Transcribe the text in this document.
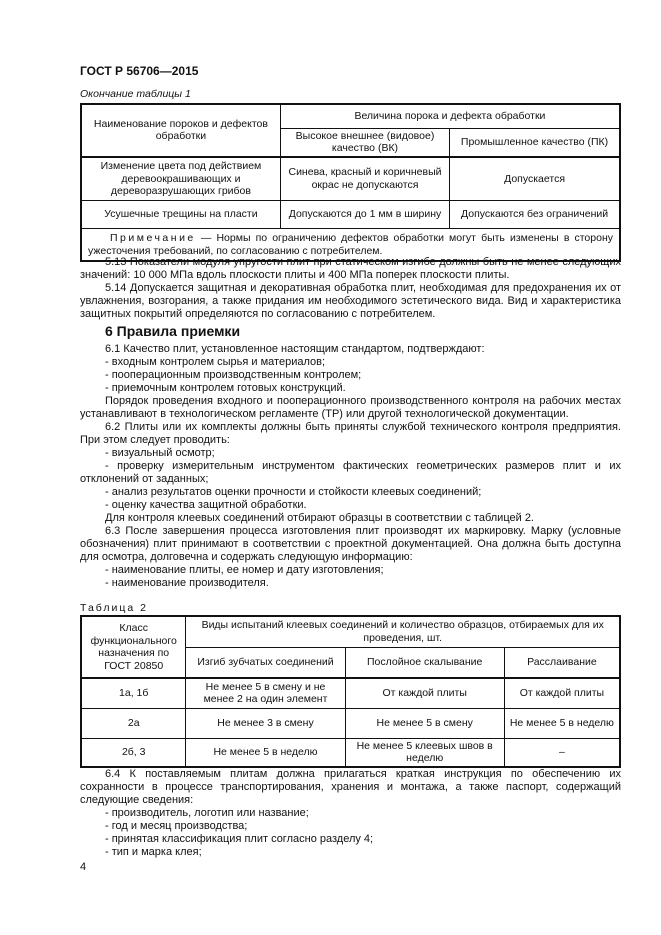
ГОСТ Р 56706—2015
Окончание таблицы 1
Наименование пороков и дефектов обработки	Величина порока и дефекта обработки	
	Высокое внешнее (видовое) качество (ВК)	Промышленное качество (ПК)
Изменение цвета под действием деревоокрашивающих и дереворазрушающих грибов	Синева, красный и коричневый окрас не допускаются	Допускается
Усушечные трещины на пласти	Допускаются до 1 мм в ширину	Допускаются без ограничений
Примечание — Нормы по ограничению дефектов обработки могут быть изменены в сторону ужесточения требований, по согласованию с потребителем.		

5.13 Показатели модуля упругости плит при статическом изгибе должны быть не менее следующих значений: 10 000 МПа вдоль плоскости плиты и 400 МПа поперек плоскости плиты.

5.14 Допускается защитная и декоративная обработка плит, необходимая для предохранения их от увлажнения, возгорания, а также придания им необходимого эстетического вида. Вид и характеристика защитных покрытий определяются по согласованию с потребителем.

6 Правила приемки

6.1 Качество плит, установленное настоящим стандартом, подтверждают:

- входным контролем сырья и материалов;

- пооперационным производственным контролем;

- приемочным контролем готовых конструкций.

Порядок проведения входного и пооперационного производственного контроля на рабочих местах устанавливают в технологическом регламенте (ТР) или другой технологической документации.

6.2 Плиты или их комплекты должны быть приняты службой технического контроля предприятия. При этом следует проводить:

- визуальный осмотр;

- проверку измерительным инструментом фактических геометрических размеров плит и их отклонений от заданных;

- анализ результатов оценки прочности и стойкости клеевых соединений;

- оценку качества защитной обработки.

Для контроля клеевых соединений отбирают образцы в соответствии с таблицей 2.

6.3 После завершения процесса изготовления плит производят их маркировку. Марку (условные обозначения) плит принимают в соответствии с проектной документацией. Она должна быть доступна для осмотра, долговечна и содержать следующую информацию:

- наименование плиты, ее номер и дату изготовления;

- наименование производителя.

Таблица 2
Класс функционального назначения по ГОСТ 20850	Виды испытаний клеевых соединений и количество образцов, отбираемых для их проведения, шт.		
	Изгиб зубчатых соединений	Послойное скалывание	Расслаивание
1а, 1б	Не менее 5 в смену и не менее 2 на один элемент	От каждой плиты	От каждой плиты
2а	Не менее 3 в смену	Не менее 5 в смену	Не менее 5 в неделю
2б, 3	Не менее 5 в неделю	Не менее 5 клеевых швов в неделю	–

6.4 К поставляемым плитам должна прилагаться краткая инструкция по обеспечению их сохранности в процессе транспортирования, хранения и монтажа, а также паспорт, содержащий следующие сведения:

- производитель, логотип или название;

- год и месяц производства;

- принятая классификация плит согласно разделу 4;

- тип и марка клея;

4
